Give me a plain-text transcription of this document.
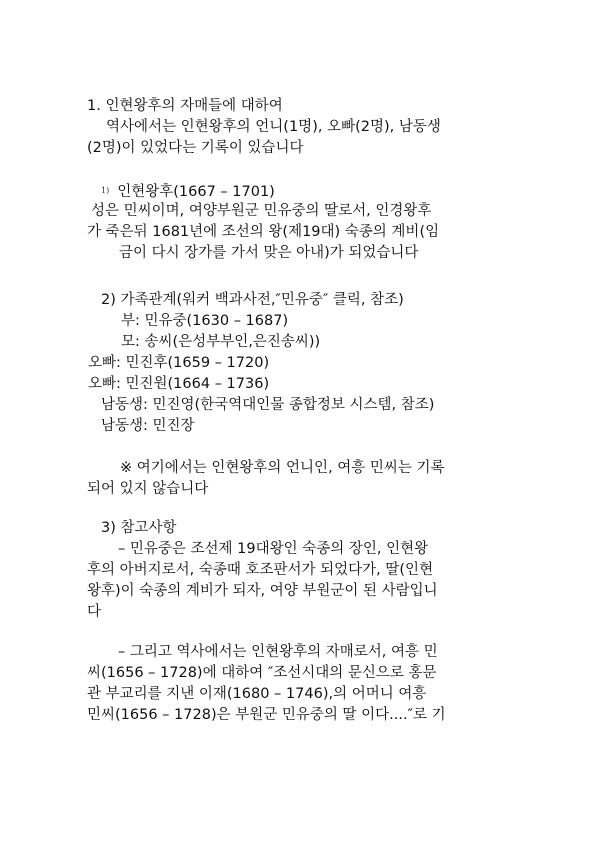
1. 인현왕후의 자매들에 대하여
역사에서는 인현왕후의 언니(1명), 오빠(2명), 남동생
(2명)이 있었다는 기록이 있습니다
$^{1)}$ 인현왕후(1667 – 1701)
성은 민씨이며, 여양부원군 민유중의 딸로서, 인경왕후
가 죽은뒤 1681년에 조선의 왕(제19대) 숙종의 계비(임
금이 다시 장가를 가서 맞은 아내)가 되었습니다
2) 가족관계(워커 백과사전,″민유중″ 클릭, 참조)
부: 민유중(1630 – 1687)
모: 송씨(은성부부인,은진송씨))
오빠: 민진후(1659 – 1720)
오빠: 민진원(1664 – 1736)
남동생: 민진영(한국역대인물 종합정보 시스템, 참조)
남동생: 민진장
※ 여기에서는 인현왕후의 언니인, 여흥 민씨는 기록
되어 있지 않습니다
3) 참고사항
– 민유중은 조선제 19대왕인 숙종의 장인, 인현왕
후의 아버지로서, 숙종때 호조판서가 되었다가, 딸(인현
왕후)이 숙종의 계비가 되자, 여양 부원군이 된 사람입니
다
– 그리고 역사에서는 인현왕후의 자매로서, 여흥 민
씨(1656 – 1728)에 대하여 ″조선시대의 문신으로 홍문
관 부교리를 지낸 이재(1680 – 1746),의 어머니 여흥
민씨(1656 – 1728)은 부원군 민유중의 딸 이다....″로 기
